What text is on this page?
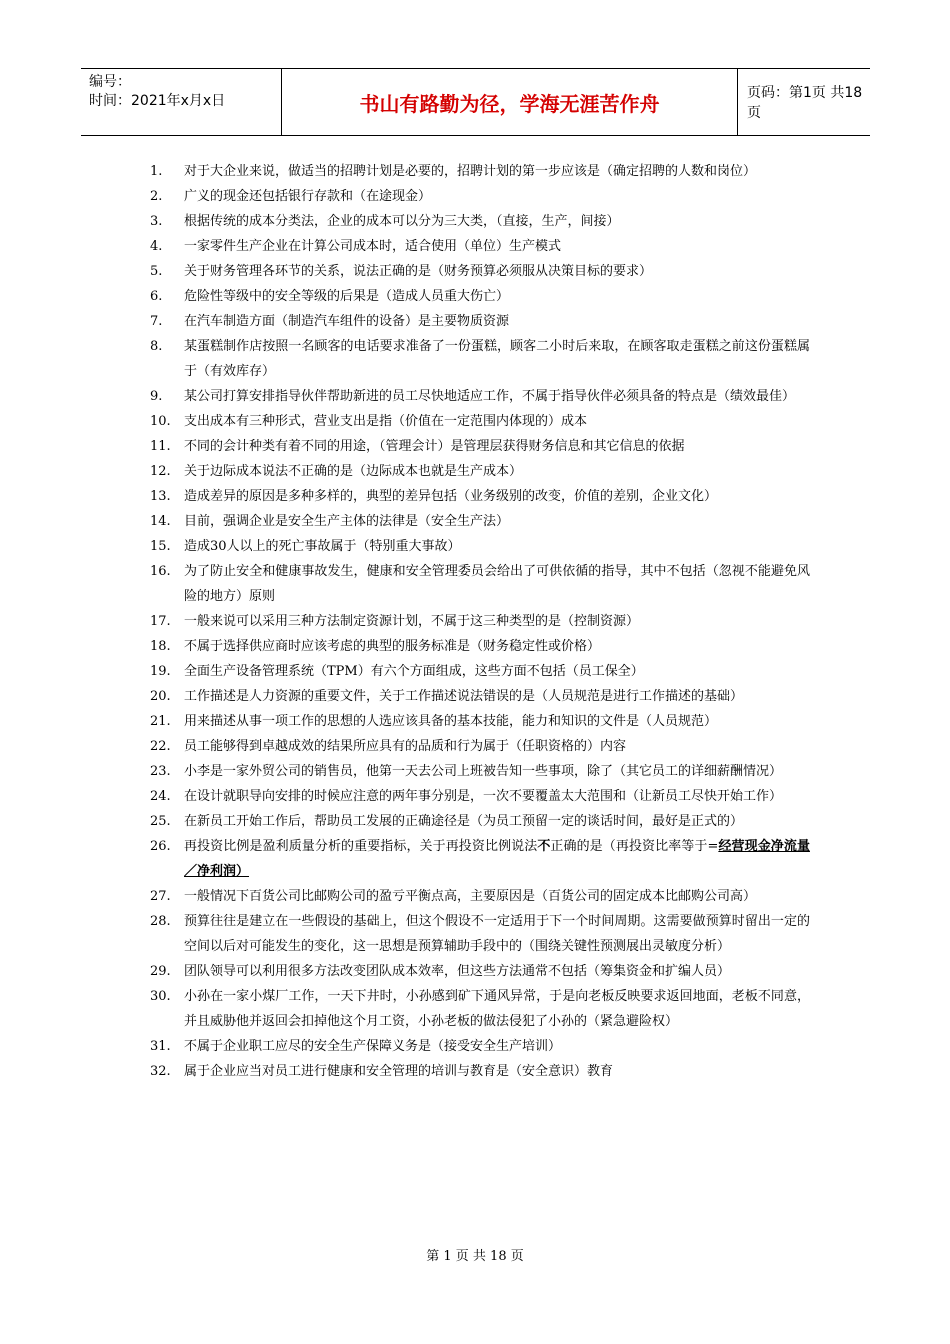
编号：
时间：2021年x月x日	书山有路勤为径，学海无涯苦作舟	页码：第1页 共18页
1.	对于大企业来说，做适当的招聘计划是必要的，招聘计划的第一步应该是（确定招聘的人数和岗位）
2.	广义的现金还包括银行存款和（在途现金）
3.	根据传统的成本分类法，企业的成本可以分为三大类，（直接，生产，间接）
4.	一家零件生产企业在计算公司成本时，适合使用（单位）生产模式
5.	关于财务管理各环节的关系，说法正确的是（财务预算必须服从决策目标的要求）
6.	危险性等级中的安全等级的后果是（造成人员重大伤亡）
7.	在汽车制造方面（制造汽车组件的设备）是主要物质资源
8.	某蛋糕制作店按照一名顾客的电话要求准备了一份蛋糕，顾客二小时后来取，在顾客取走蛋糕之前这份蛋糕属于（有效库存）
9.	某公司打算安排指导伙伴帮助新进的员工尽快地适应工作，不属于指导伙伴必须具备的特点是（绩效最佳）
10.	支出成本有三种形式，营业支出是指（价值在一定范围内体现的）成本
11.	不同的会计种类有着不同的用途，（管理会计）是管理层获得财务信息和其它信息的依据
12.	关于边际成本说法不正确的是（边际成本也就是生产成本）
13.	造成差异的原因是多种多样的，典型的差异包括（业务级别的改变，价值的差别，企业文化）
14.	目前，强调企业是安全生产主体的法律是（安全生产法）
15.	造成30人以上的死亡事故属于（特别重大事故）
16.	为了防止安全和健康事故发生，健康和安全管理委员会给出了可供依循的指导，其中不包括（忽视不能避免风险的地方）原则
17.	一般来说可以采用三种方法制定资源计划，不属于这三种类型的是（控制资源）
18.	不属于选择供应商时应该考虑的典型的服务标准是（财务稳定性或价格）
19.	全面生产设备管理系统（TPM）有六个方面组成，这些方面不包括（员工保全）
20.	工作描述是人力资源的重要文件，关于工作描述说法错误的是（人员规范是进行工作描述的基础）
21.	用来描述从事一项工作的思想的人选应该具备的基本技能，能力和知识的文件是（人员规范）
22.	员工能够得到卓越成效的结果所应具有的品质和行为属于（任职资格的）内容
23.	小李是一家外贸公司的销售员，他第一天去公司上班被告知一些事项，除了（其它员工的详细薪酬情况）
24.	在设计就职导向安排的时候应注意的两年事分别是，一次不要覆盖太大范围和（让新员工尽快开始工作）
25.	在新员工开始工作后，帮助员工发展的正确途径是（为员工预留一定的谈话时间，最好是正式的）
26.	再投资比例是盈利质量分析的重要指标，关于再投资比例说法不正确的是（再投资比率等于=经营现金净流量／净利润）
27.	一般情况下百货公司比邮购公司的盈亏平衡点高，主要原因是（百货公司的固定成本比邮购公司高）
28.	预算往往是建立在一些假设的基础上，但这个假设不一定适用于下一个时间周期。这需要做预算时留出一定的空间以后对可能发生的变化，这一思想是预算辅助手段中的（围绕关键性预测展出灵敏度分析）
29.	团队领导可以利用很多方法改变团队成本效率，但这些方法通常不包括（筹集资金和扩编人员）
30.	小孙在一家小煤厂工作，一天下井时，小孙感到矿下通风异常，于是向老板反映要求返回地面，老板不同意，并且威胁他并返回会扣掉他这个月工资，小孙老板的做法侵犯了小孙的（紧急避险权）
31.	不属于企业职工应尽的安全生产保障义务是（接受安全生产培训）
32.	属于企业应当对员工进行健康和安全管理的培训与教育是（安全意识）教育
第 1 页 共 18 页
